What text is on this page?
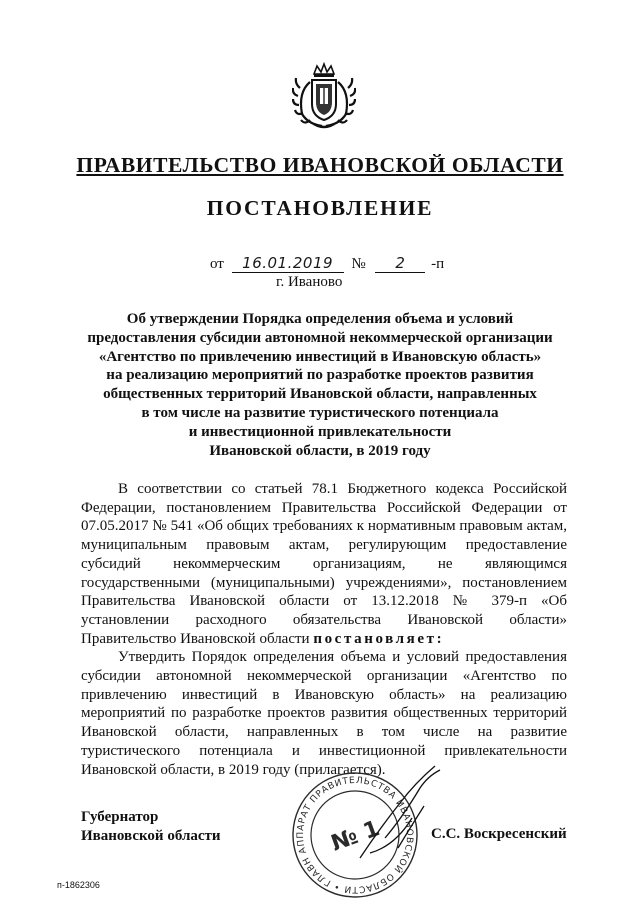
ПРАВИТЕЛЬСТВО ИВАНОВСКОЙ ОБЛАСТИ
ПОСТАНОВЛЕНИЕ
от 16.01.2019 № 2 -п
г. Иваново
Об утверждении Порядка определения объема и условий
предоставления субсидии автономной некоммерческой организации
«Агентство по привлечению инвестиций в Ивановскую область»
на реализацию мероприятий по разработке проектов развития
общественных территорий Ивановской области, направленных
в том числе на развитие туристического потенциала
и инвестиционной привлекательности
Ивановской области, в 2019 году

В соответствии со статьей 78.1 Бюджетного кодекса Российской Федерации, постановлением Правительства Российской Федерации от 07.05.2017 № 541 «Об общих требованиях к нормативным правовым актам, муниципальным правовым актам, регулирующим предоставление субсидий некоммерческим организациям, не являющимся государственными (муниципальными) учреждениями», постановлением Правительства Ивановской области от 13.12.2018 № 379-п «Об установлении расходного обязательства Ивановской области» Правительство Ивановской области постановляет:

Утвердить Порядок определения объема и условий предоставления субсидии автономной некоммерческой организации «Агентство по привлечению инвестиций в Ивановскую область» на реализацию мероприятий по разработке проектов развития общественных территорий Ивановской области, направленных в том числе на развитие туристического потенциала и инвестиционной привлекательности Ивановской области, в 2019 году (прилагается).

АППАРАТ ПРАВИТЕЛЬСТВА ИВАНОВСКОЙ ОБЛАСТИ • ГЛАВНОЕ
№ 1
Губернатор
Ивановской области	С.С. Воскресенский
п-1862306
